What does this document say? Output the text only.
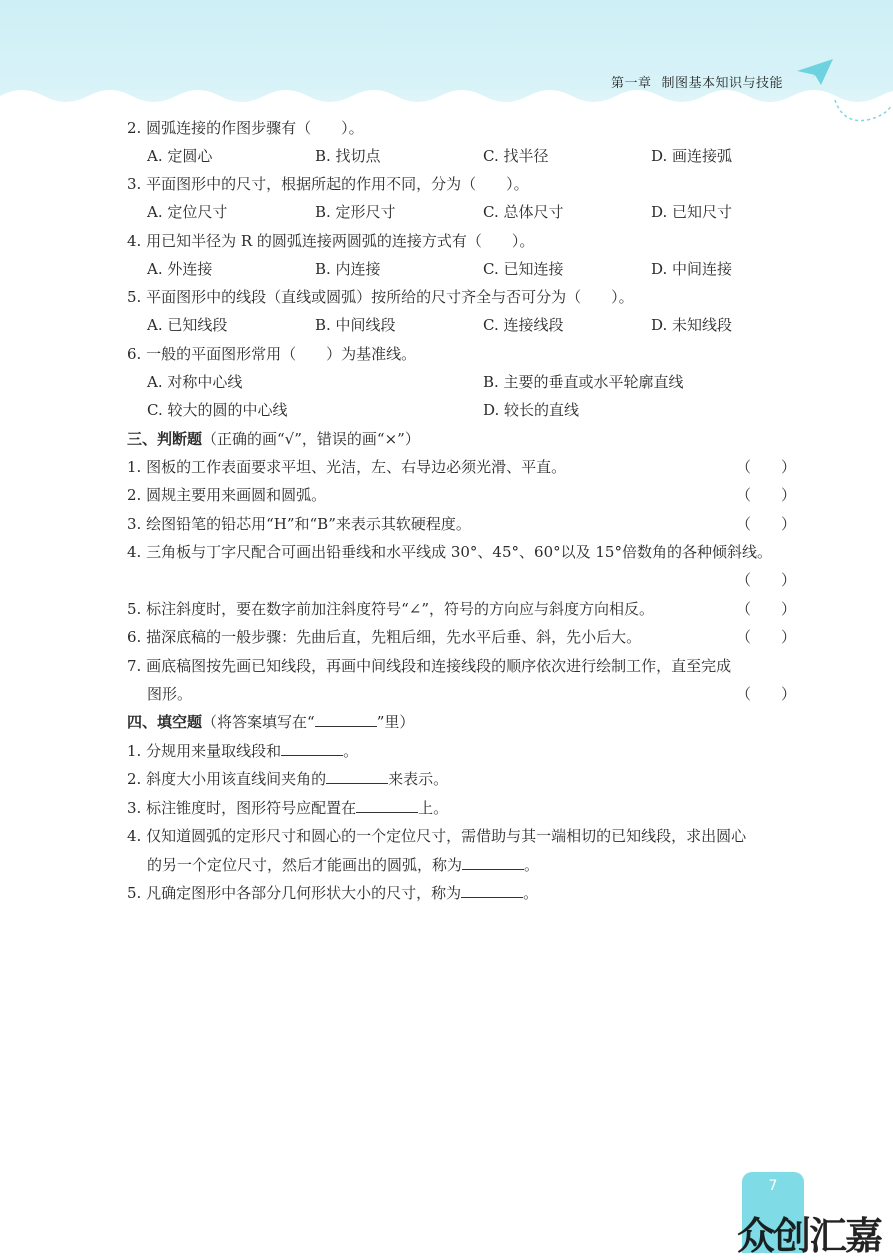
第一章 制图基本知识与技能
2. 圆弧连接的作图步骤有（　　）。
A. 定圆心	B. 找切点	C. 找半径	D. 画连接弧
3. 平面图形中的尺寸，根据所起的作用不同，分为（　　）。
A. 定位尺寸	B. 定形尺寸	C. 总体尺寸	D. 已知尺寸
4. 用已知半径为 R 的圆弧连接两圆弧的连接方式有（　　）。
A. 外连接	B. 内连接	C. 已知连接	D. 中间连接
5. 平面图形中的线段（直线或圆弧）按所给的尺寸齐全与否可分为（　　）。
A. 已知线段	B. 中间线段	C. 连接线段	D. 未知线段
6. 一般的平面图形常用（　　）为基准线。
A. 对称中心线	B. 主要的垂直或水平轮廓直线
C. 较大的圆的中心线	D. 较长的直线
三、判断题（正确的画“√”，错误的画“×”）
1. 图板的工作表面要求平坦、光洁，左、右导边必须光滑、平直。	（　　）
2. 圆规主要用来画圆和圆弧。	（　　）
3. 绘图铅笔的铅芯用“H”和“B”来表示其软硬程度。	（　　）
4. 三角板与丁字尺配合可画出铅垂线和水平线成 30°、45°、60°以及 15°倍数角的各种倾斜线。
（　　）
5. 标注斜度时，要在数字前加注斜度符号“∠”，符号的方向应与斜度方向相反。	（　　）
6. 描深底稿的一般步骤：先曲后直，先粗后细，先水平后垂、斜，先小后大。	（　　）
7. 画底稿图按先画已知线段，再画中间线段和连接线段的顺序依次进行绘制工作，直至完成
图形。	（　　）
四、填空题（将答案填写在“	”里）
1. 分规用来量取线段和	。
2. 斜度大小用该直线间夹角的	来表示。
3. 标注锥度时，图形符号应配置在	上。
4. 仅知道圆弧的定形尺寸和圆心的一个定位尺寸，需借助与其一端相切的已知线段，求出圆心
的另一个定位尺寸，然后才能画出的圆弧，称为	。
5. 凡确定图形中各部分几何形状大小的尺寸，称为	。
7
众创汇嘉
